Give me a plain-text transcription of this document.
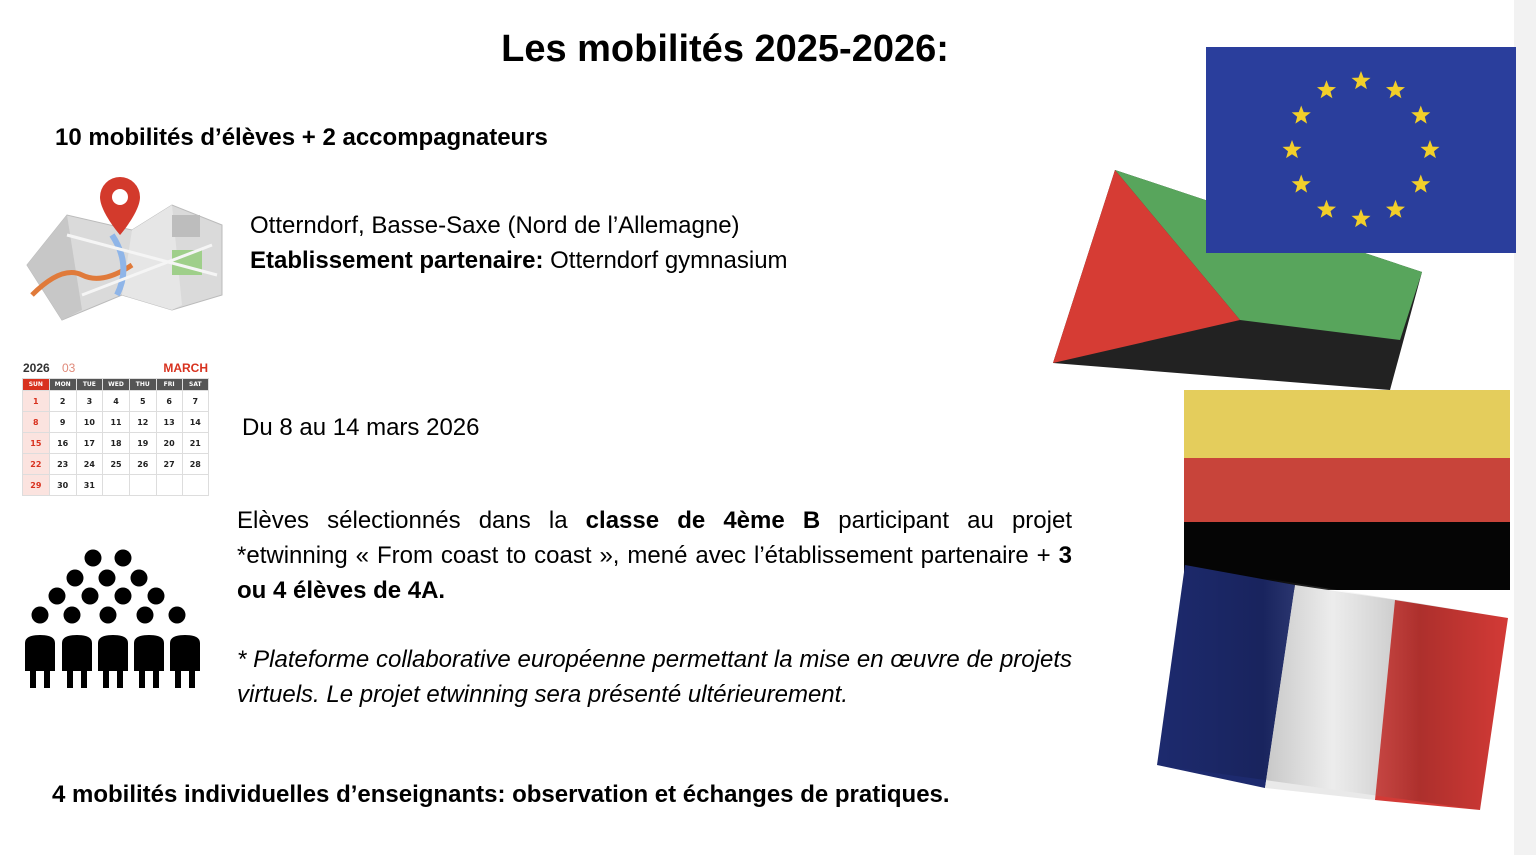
Les mobilités 2025-2026:
10 mobilités d’élèves + 2 accompagnateurs
Otterndorf, Basse-Saxe (Nord de l’Allemagne)
Etablissement partenaire: Otterndorf gymnasium
2026 03	MARCH
SUN	MON	TUE	WED	THU	FRI	SAT
1	2	3	4	5	6	7
8	9	10	11	12	13	14
15	16	17	18	19	20	21
22	23	24	25	26	27	28
29	30	31				
Du 8 au 14 mars 2026
Elèves sélectionnés dans la classe de 4ème B participant au projet *etwinning « From coast to coast », mené avec l’établissement partenaire + 3 ou 4 élèves de 4A.
* Plateforme collaborative européenne permettant la mise en œuvre de projets virtuels. Le projet etwinning sera présenté ultérieurement.
4 mobilités individuelles d’enseignants: observation et échanges de pratiques.
